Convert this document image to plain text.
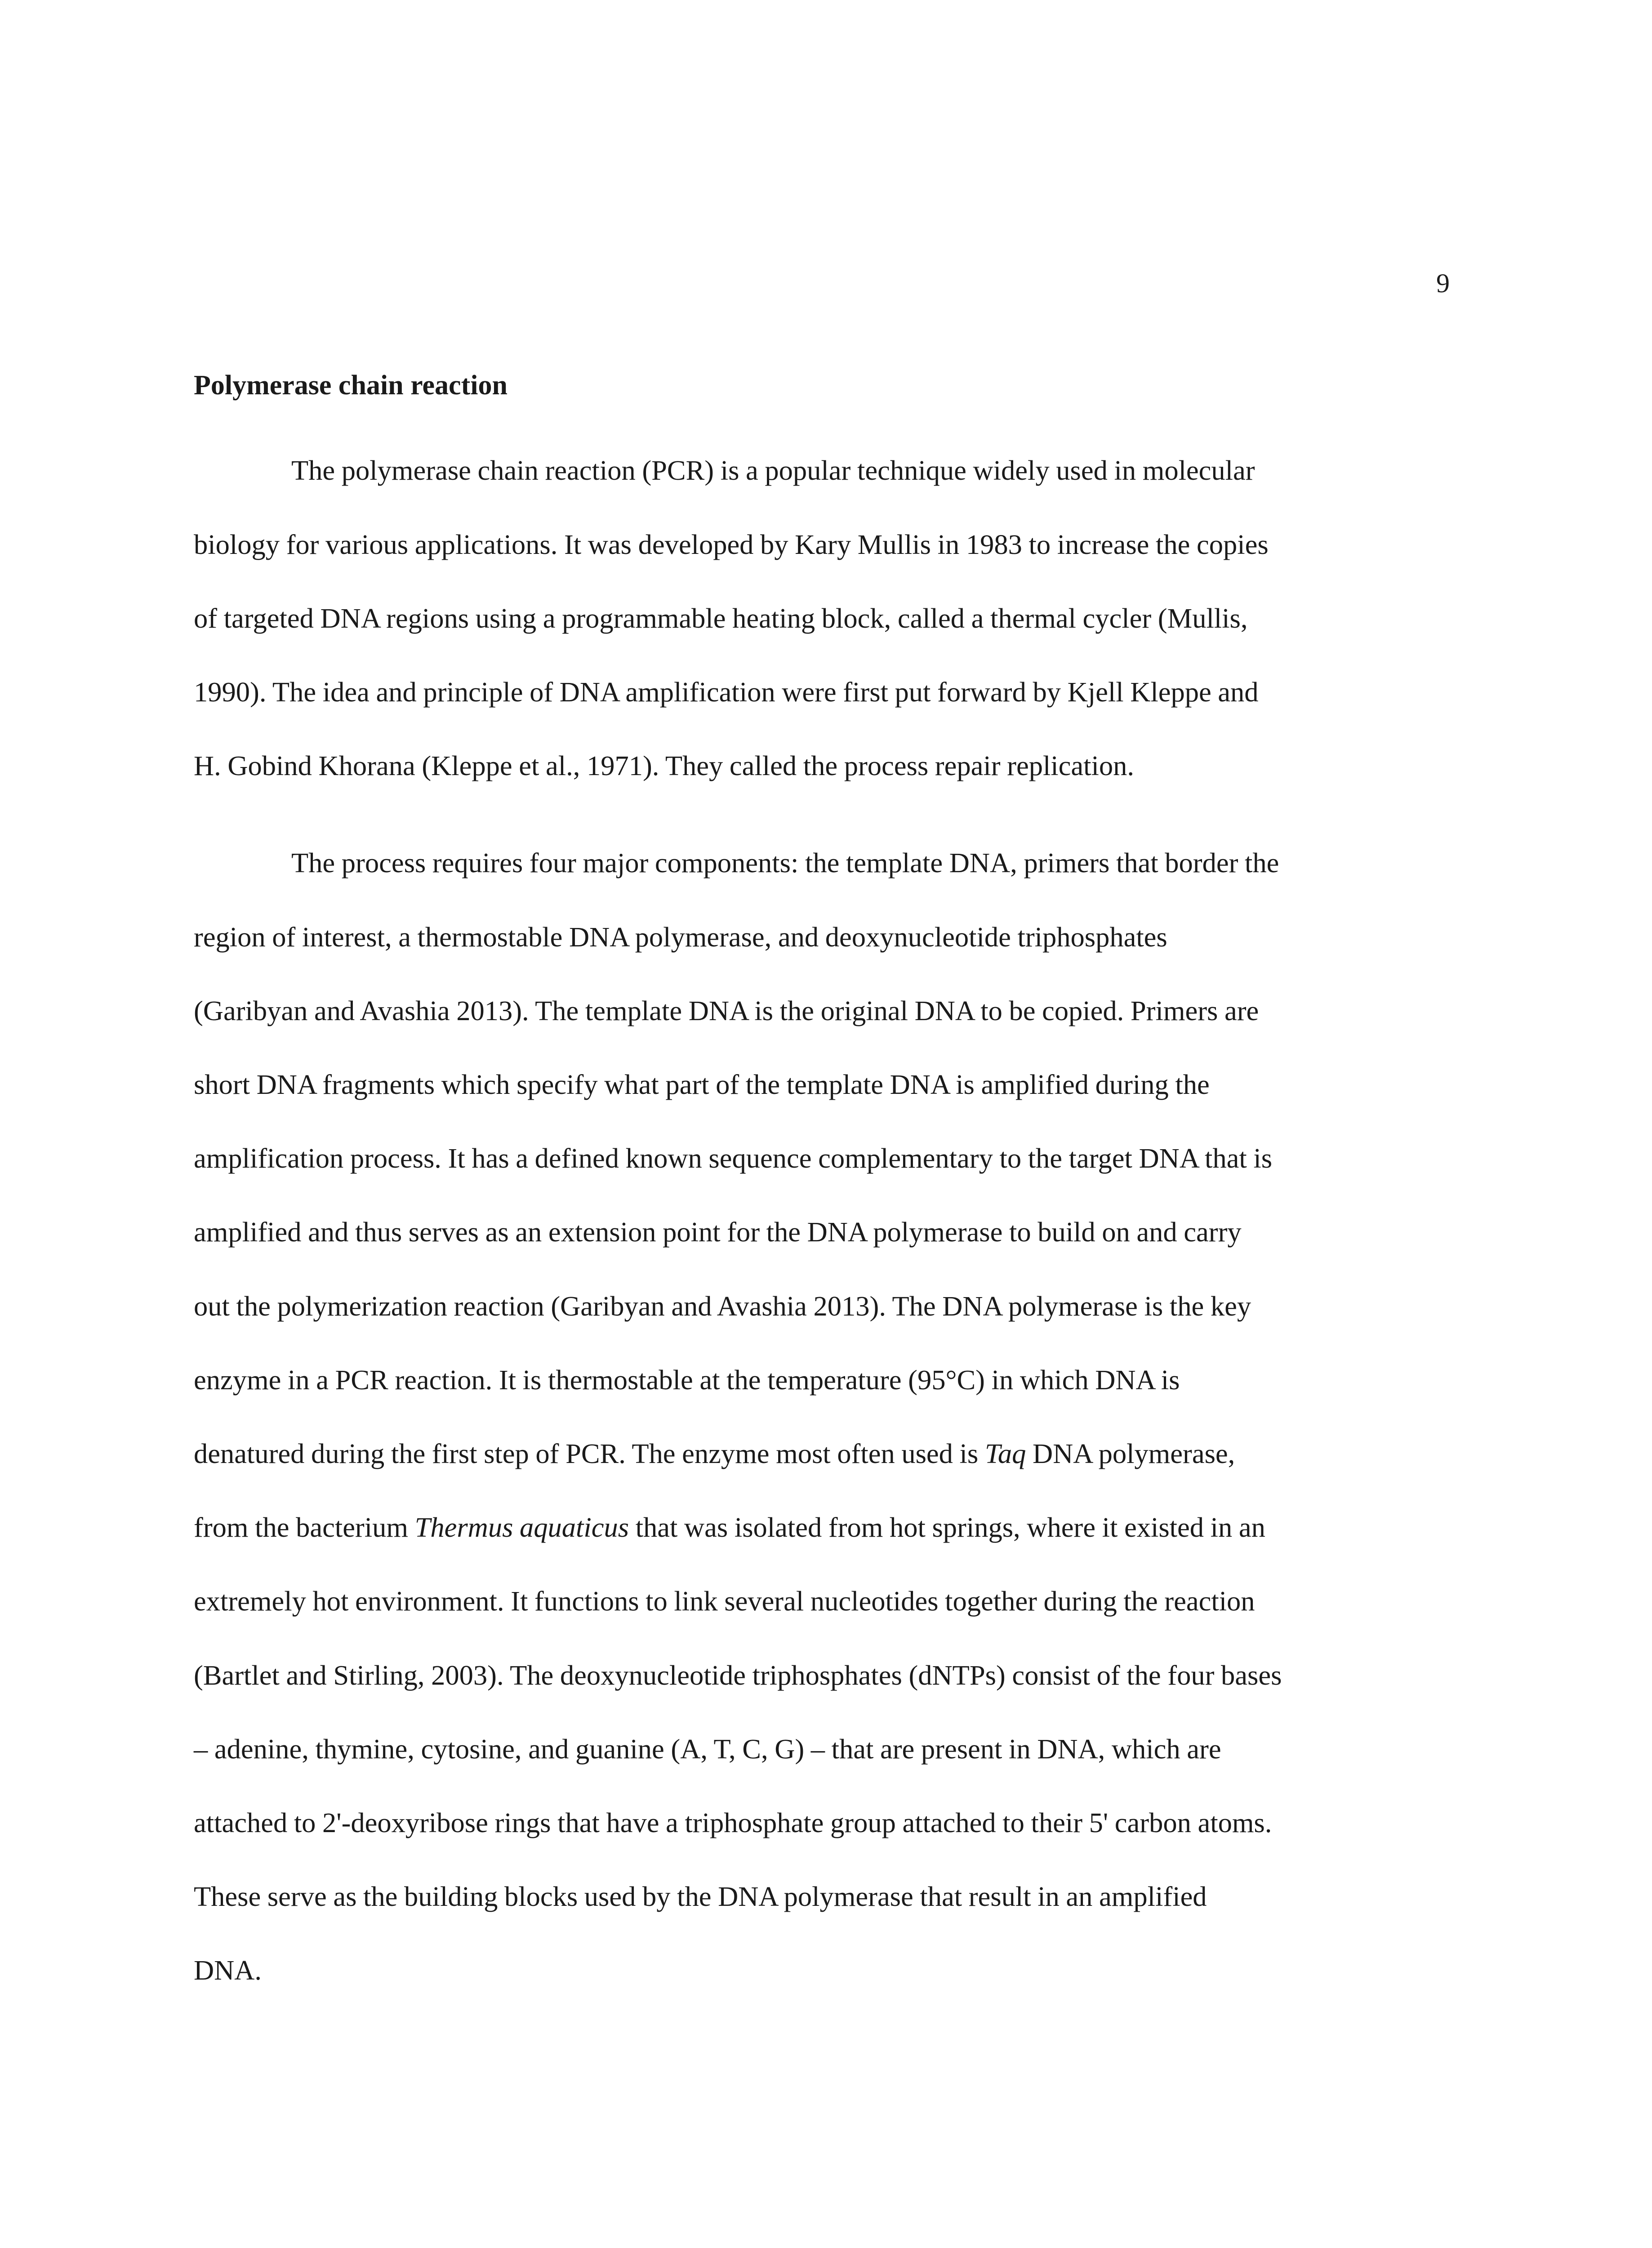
9
Polymerase chain reaction
The polymerase chain reaction (PCR) is a popular technique widely used in molecular
biology for various applications. It was developed by Kary Mullis in 1983 to increase the copies
of targeted DNA regions using a programmable heating block, called a thermal cycler (Mullis,
1990). The idea and principle of DNA amplification were first put forward by Kjell Kleppe and
H. Gobind Khorana (Kleppe et al., 1971). They called the process repair replication.
The process requires four major components: the template DNA, primers that border the
region of interest, a thermostable DNA polymerase, and deoxynucleotide triphosphates
(Garibyan and Avashia 2013). The template DNA is the original DNA to be copied. Primers are
short DNA fragments which specify what part of the template DNA is amplified during the
amplification process. It has a defined known sequence complementary to the target DNA that is
amplified and thus serves as an extension point for the DNA polymerase to build on and carry
out the polymerization reaction (Garibyan and Avashia 2013). The DNA polymerase is the key
enzyme in a PCR reaction. It is thermostable at the temperature (95°C) in which DNA is
denatured during the first step of PCR. The enzyme most often used is Taq DNA polymerase,
from the bacterium Thermus aquaticus that was isolated from hot springs, where it existed in an
extremely hot environment. It functions to link several nucleotides together during the reaction
(Bartlet and Stirling, 2003). The deoxynucleotide triphosphates (dNTPs) consist of the four bases
– adenine, thymine, cytosine, and guanine (A, T, C, G) – that are present in DNA, which are
attached to 2'-deoxyribose rings that have a triphosphate group attached to their 5' carbon atoms.
These serve as the building blocks used by the DNA polymerase that result in an amplified
DNA.
